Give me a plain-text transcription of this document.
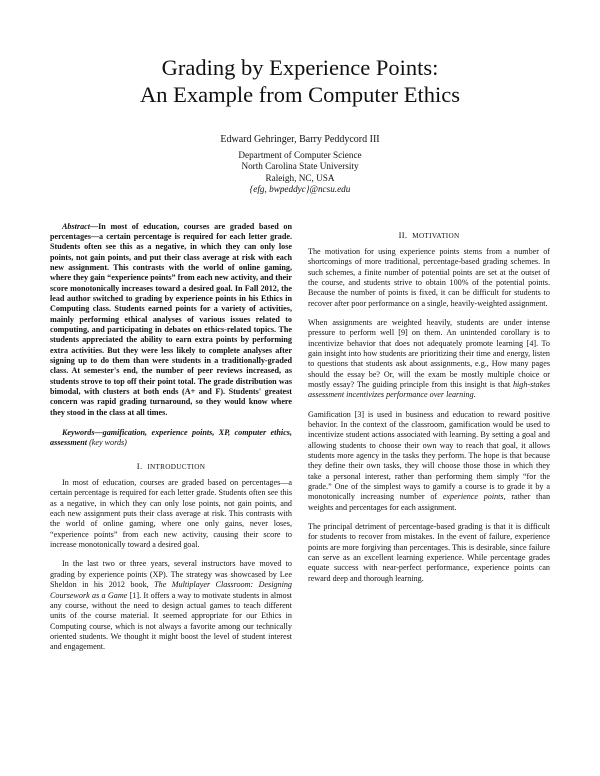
Grading by Experience Points:
An Example from Computer Ethics
Edward Gehringer, Barry Peddycord III
Department of Computer Science
North Carolina State University
Raleigh, NC, USA
{efg, bwpeddyc}@ncsu.edu

Abstract—In most of education, courses are graded based on percentages—a certain percentage is required for each letter grade. Students often see this as a negative, in which they can only lose points, not gain points, and put their class average at risk with each new assignment. This contrasts with the world of online gaming, where they gain “experience points” from each new activity, and their score monotonically increases toward a desired goal. In Fall 2012, the lead author switched to grading by experience points in his Ethics in Computing class. Students earned points for a variety of activities, mainly performing ethical analyses of various issues related to computing, and participating in debates on ethics-related topics. The students appreciated the ability to earn extra points by performing extra activities. But they were less likely to complete analyses after signing up to do them than were students in a traditionally-graded class. At semester's end, the number of peer reviews increased, as students strove to top off their point total. The grade distribution was bimodal, with clusters at both ends (A+ and F). Students' greatest concern was rapid grading turnaround, so they would know where they stood in the class at all times.

Keywords—gamification, experience points, XP, computer ethics, assessment (key words)

I. INTRODUCTION

In most of education, courses are graded based on percentages—a certain percentage is required for each letter grade. Students often see this as a negative, in which they can only lose points, not gain points, and each new assignment puts their class average at risk. This contrasts with the world of online gaming, where one only gains, never loses, “experience points” from each new activity, causing their score to increase monotonically toward a desired goal.

In the last two or three years, several instructors have moved to grading by experience points (XP). The strategy was showcased by Lee Sheldon in his 2012 book, The Multiplayer Classroom: Designing Coursework as a Game [1]. It offers a way to motivate students in almost any course, without the need to design actual games to teach different units of the course material. It seemed appropriate for our Ethics in Computing course, which is not always a favorite among our technically oriented students. We thought it might boost the level of student interest and engagement.

II. MOTIVATION

The motivation for using experience points stems from a number of shortcomings of more traditional, percentage-based grading schemes. In such schemes, a finite number of potential points are set at the outset of the course, and students strive to obtain 100% of the potential points. Because the number of points is fixed, it can be difficult for students to recover after poor performance on a single, heavily-weighted assignment.

When assignments are weighted heavily, students are under intense pressure to perform well [9] on them. An unintended corollary is to incentivize behavior that does not adequately promote learning [4]. To gain insight into how students are prioritizing their time and energy, listen to questions that students ask about assignments, e.g., How many pages should the essay be? Or, will the exam be mostly multiple choice or mostly essay? The guiding principle from this insight is that high-stakes assessment incentivizes performance over learning.

Gamification [3] is used in business and education to reward positive behavior. In the context of the classroom, gamification would be used to incentivize student actions associated with learning. By setting a goal and allowing students to choose their own way to reach that goal, it allows students more agency in the tasks they perform. The hope is that because they define their own tasks, they will choose those those in which they take a personal interest, rather than performing them simply “for the grade.” One of the simplest ways to gamify a course is to grade it by a monotonically increasing number of experience points, rather than weights and percentages for each assignment.

The principal detriment of percentage-based grading is that it is difficult for students to recover from mistakes. In the event of failure, experience points are more forgiving than percentages. This is desirable, since failure can serve as an excellent learning experience. While percentage grades equate success with near-perfect performance, experience points can reward deep and thorough learning.
